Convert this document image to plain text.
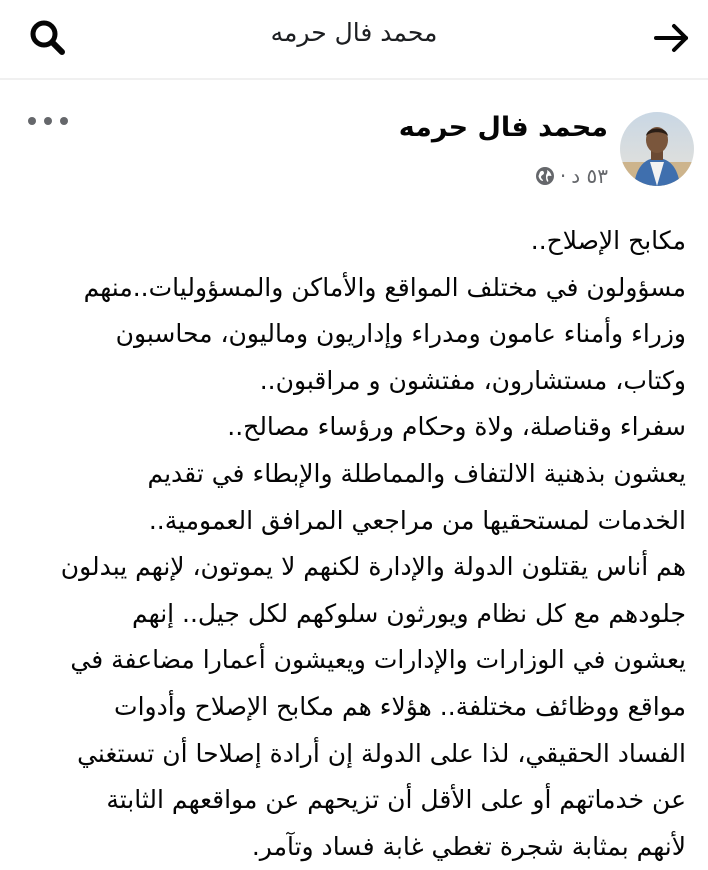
محمد فال حرمه
محمد فال حرمه
٥٣ د
·

مكابح الإصلاح..

مسؤولون في مختلف المواقع والأماكن والمسؤوليات..منهم

وزراء وأمناء عامون ومدراء وإداريون وماليون، محاسبون

وكتاب، مستشارون، مفتشون و مراقبون..

سفراء وقناصلة، ولاة وحكام ورؤساء مصالح..

يعشون بذهنية الالتفاف والمماطلة والإبطاء في تقديم

الخدمات لمستحقيها من مراجعي المرافق العمومية..

هم أناس يقتلون الدولة والإدارة لكنهم لا يموتون، لإنهم يبدلون

جلودهم مع كل نظام ويورثون سلوكهم لكل جيل.. إنهم

يعشون في الوزارات والإدارات ويعيشون أعمارا مضاعفة في

مواقع ووظائف مختلفة.. هؤلاء هم مكابح الإصلاح وأدوات

الفساد الحقيقي، لذا على الدولة إن أرادة إصلاحا أن تستغني

عن خدماتهم أو على الأقل أن تزيحهم عن مواقعهم الثابتة

لأنهم بمثابة شجرة تغطي غابة فساد وتآمر.
